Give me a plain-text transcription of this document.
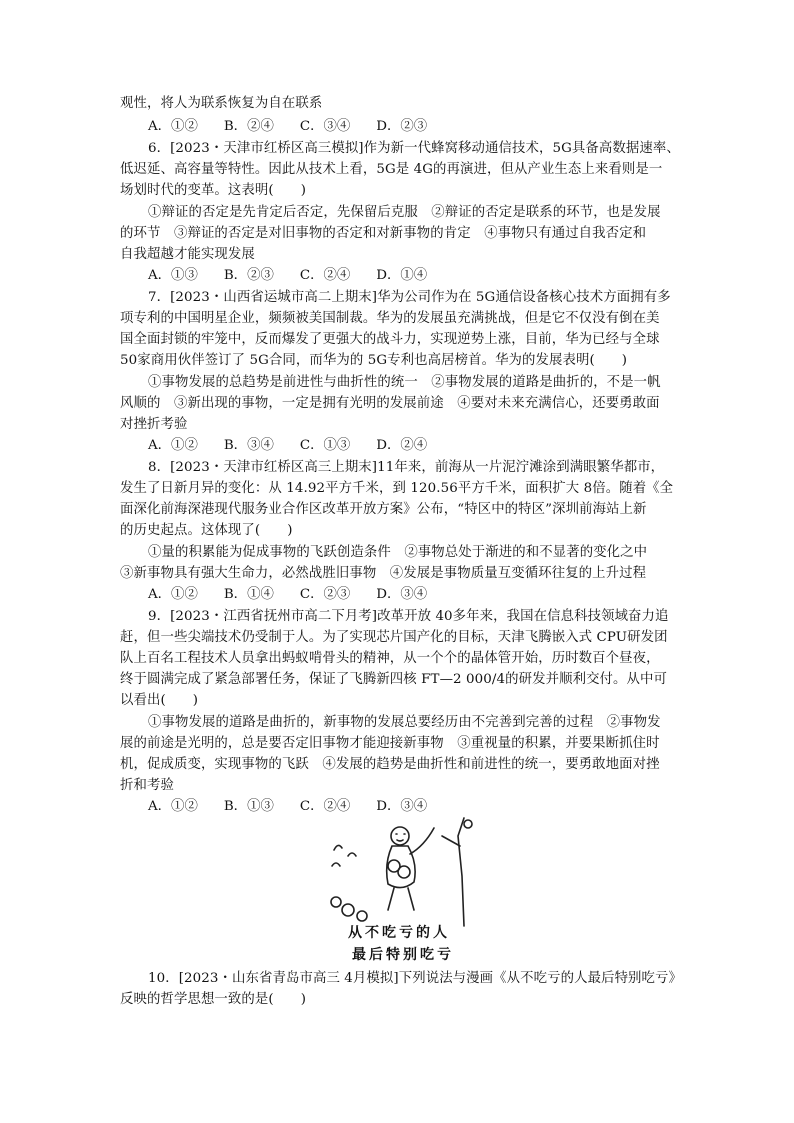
观性，将人为联系恢复为自在联系
A．①② B．②④ C．③④ D．②③
6．[2023・天津市红桥区高三模拟]作为新一代蜂窝移动通信技术，5G具备高数据速率、
低迟延、高容量等特性。因此从技术上看，5G是 4G的再演进，但从产业生态上来看则是一
场划时代的变革。这表明(　　)
①辩证的否定是先肯定后否定，先保留后克服　②辩证的否定是联系的环节，也是发展
的环节　③辩证的否定是对旧事物的否定和对新事物的肯定　④事物只有通过自我否定和
自我超越才能实现发展
A．①③ B．②③ C．②④ D．①④
7．[2023・山西省运城市高二上期末]华为公司作为在 5G通信设备核心技术方面拥有多
项专利的中国明星企业，频频被美国制裁。华为的发展虽充满挑战，但是它不仅没有倒在美
国全面封锁的牢笼中，反而爆发了更强大的战斗力，实现逆势上涨，目前，华为已经与全球
50家商用伙伴签订了 5G合同，而华为的 5G专利也高居榜首。华为的发展表明(　　)
①事物发展的总趋势是前进性与曲折性的统一　②事物发展的道路是曲折的，不是一帆
风顺的　③新出现的事物，一定是拥有光明的发展前途　④要对未来充满信心，还要勇敢面
对挫折考验
A．①② B．③④ C．①③ D．②④
8．[2023・天津市红桥区高三上期末]11年来，前海从一片泥泞滩涂到满眼繁华都市，
发生了日新月异的变化：从 14.92平方千米，到 120.56平方千米，面积扩大 8倍。随着《全
面深化前海深港现代服务业合作区改革开放方案》公布，“特区中的特区”深圳前海站上新
的历史起点。这体现了(　　)
①量的积累能为促成事物的飞跃创造条件　②事物总处于渐进的和不显著的变化之中
③新事物具有强大生命力，必然战胜旧事物　④发展是事物质量互变循环往复的上升过程
A．①② B．①④ C．②③ D．③④
9．[2023・江西省抚州市高二下月考]改革开放 40多年来，我国在信息科技领域奋力追
赶，但一些尖端技术仍受制于人。为了实现芯片国产化的目标，天津飞腾嵌入式 CPU研发团
队上百名工程技术人员拿出蚂蚁啃骨头的精神，从一个个的晶体管开始，历时数百个昼夜，
终于圆满完成了紧急部署任务，保证了飞腾新四核 FT—2 000/4的研发并顺利交付。从中可
以看出(　　)
①事物发展的道路是曲折的，新事物的发展总要经历由不完善到完善的过程　②事物发
展的前途是光明的，总是要否定旧事物才能迎接新事物　③重视量的积累，并要果断抓住时
机，促成质变，实现事物的飞跃　④发展的趋势是曲折性和前进性的统一，要勇敢地面对挫
折和考验
A．①② B．①③ C．②④ D．③④
从不吃亏的人
最后特别吃亏
10．[2023・山东省青岛市高三 4月模拟]下列说法与漫画《从不吃亏的人最后特别吃亏》
反映的哲学思想一致的是(　　)
